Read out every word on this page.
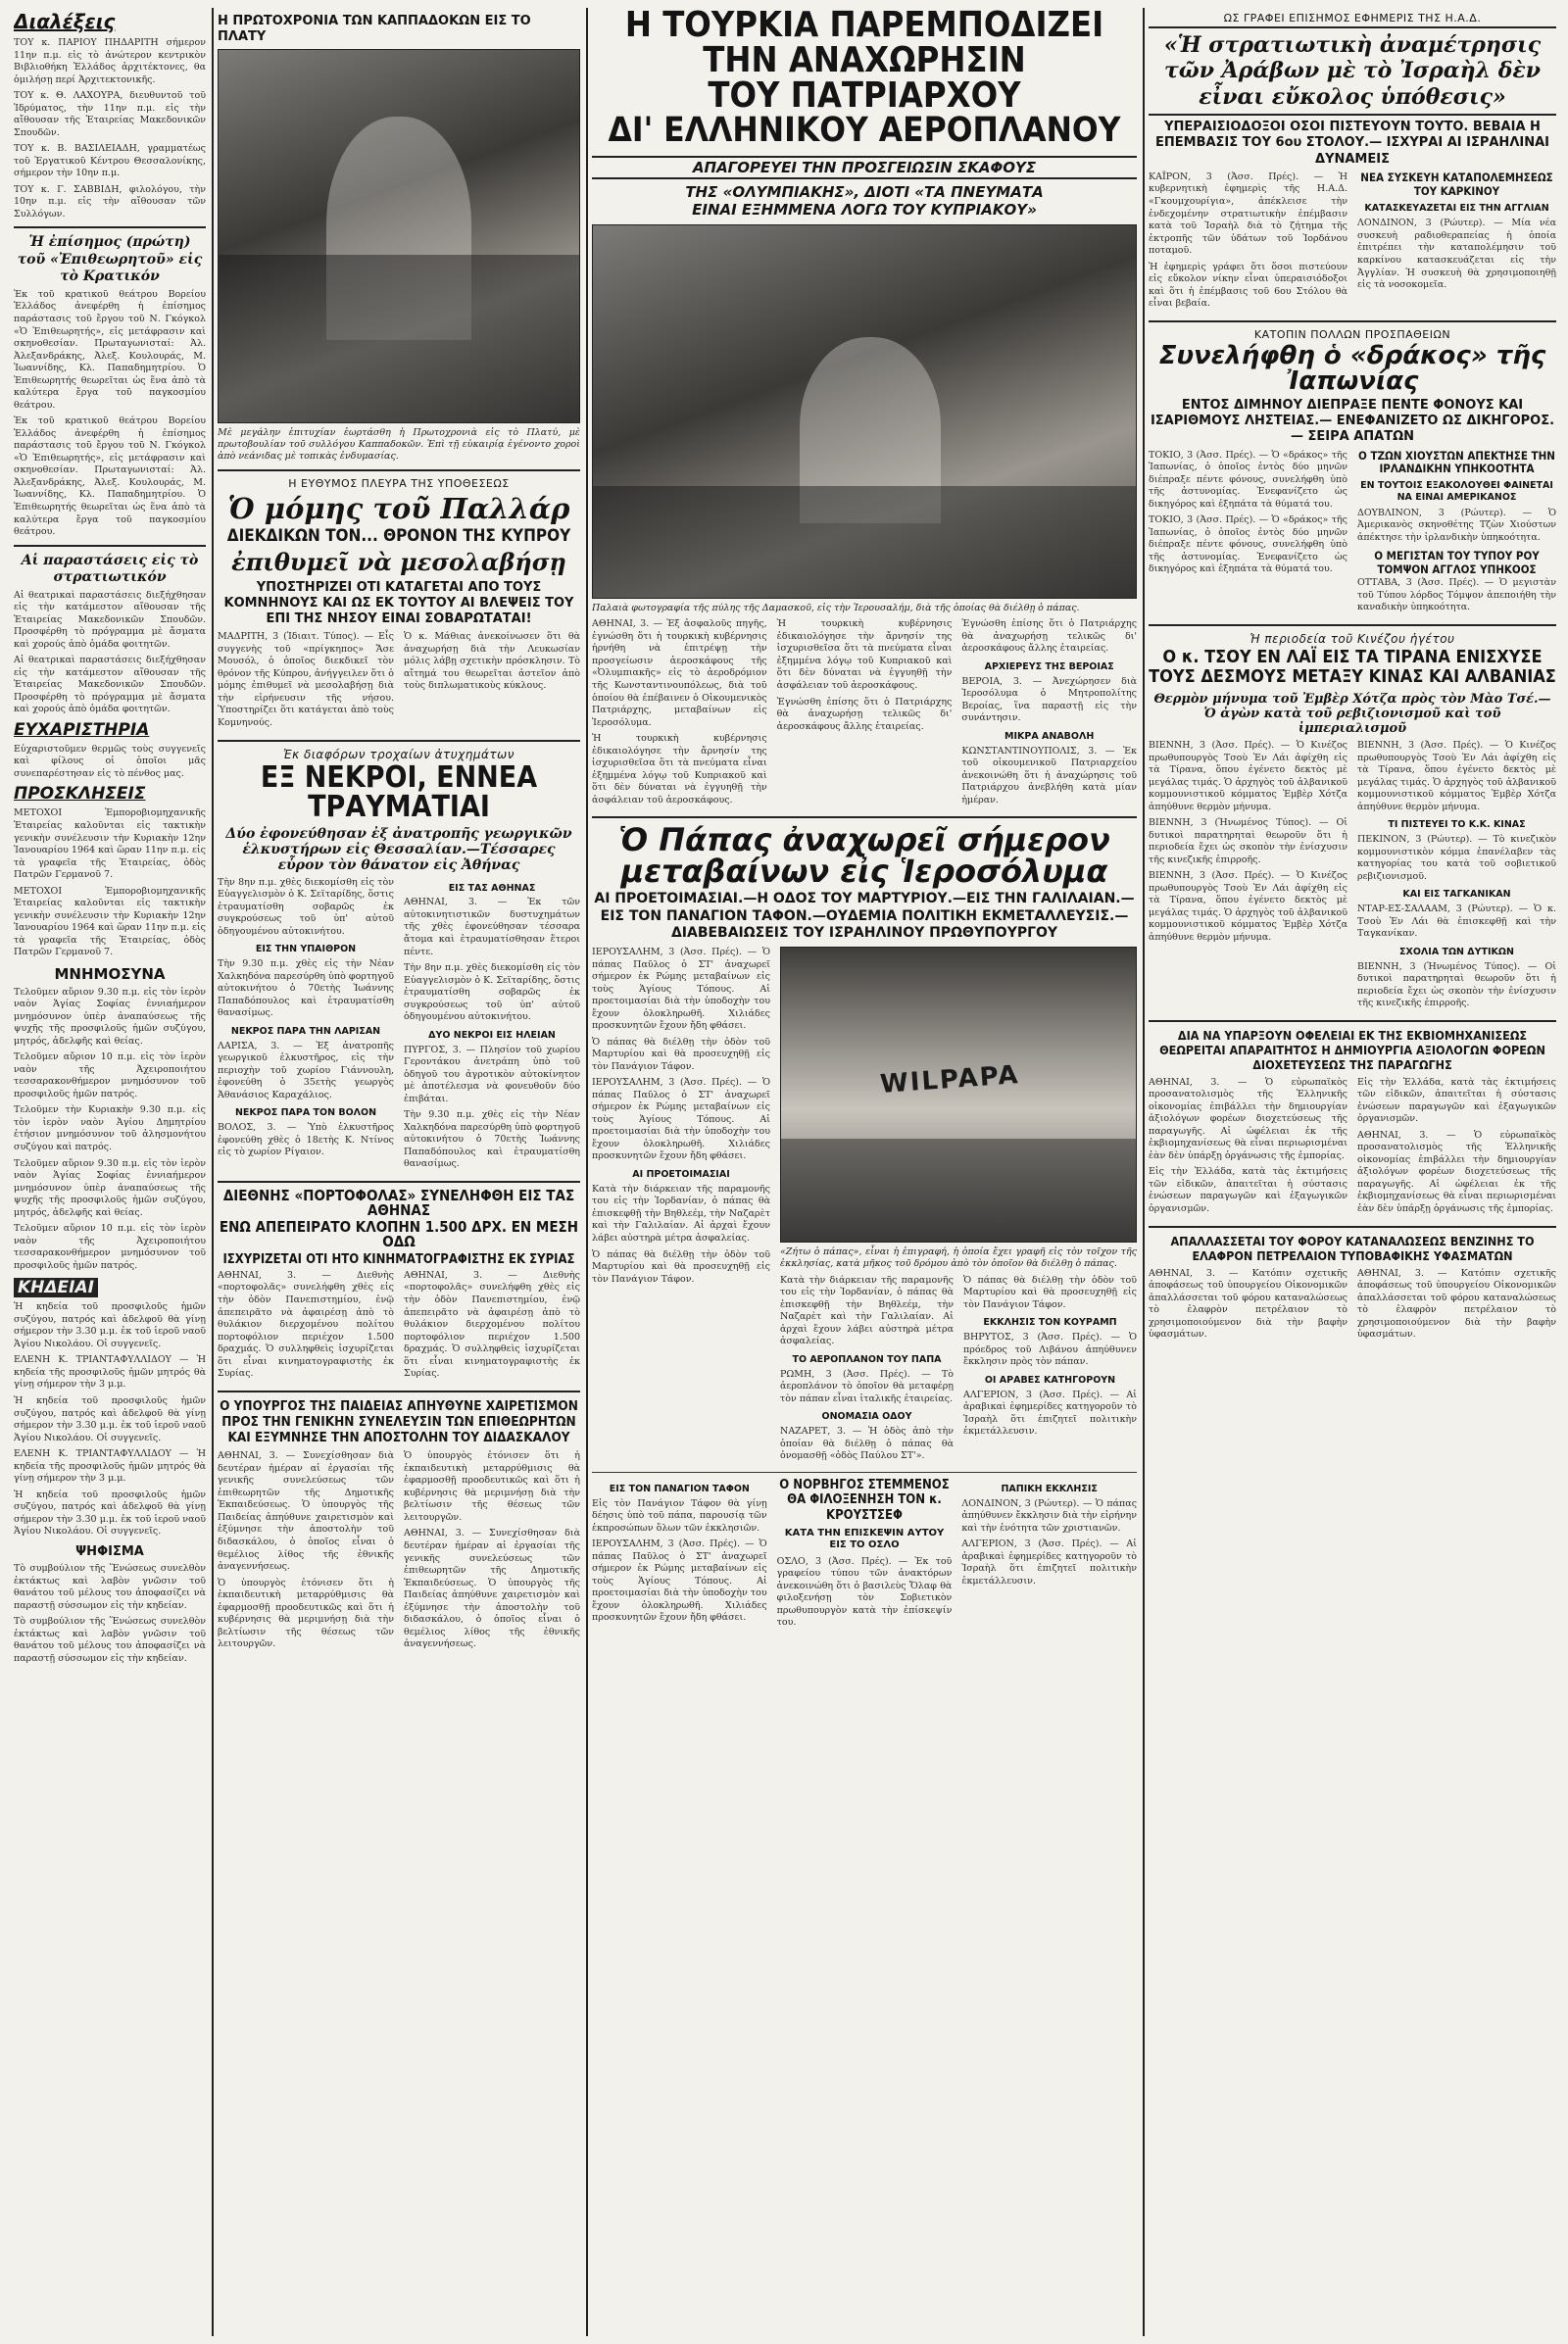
Διαλέξεις

ΤΟΥ κ. ΠΑΡΙΟΥ ΠΗΔΑΡΙΤΗ σήμερον 11ην π.μ. εἰς τὸ ἀνώτερον κεντρικὸν Βιβλιοθήκη Ἑλλάδος ἀρχιτέκτονες, θα ὁμιλήσῃ περί Ἀρχιτεκτονικῆς.

ΤΟΥ κ. Θ. ΛΑΧΟΥΡΑ, διευθυντοῦ τοῦ Ἰδρύματος, τὴν 11ην π.μ. εἰς τὴν αἴθουσαν τῆς Ἑταιρείας Μακεδονικῶν Σπουδῶν.

ΤΟΥ κ. Β. ΒΑΣΙΛΕΙΑΔΗ, γραμματέως τοῦ Ἐργατικοῦ Κέντρου Θεσσαλονίκης, σήμερον τὴν 10ην π.μ.

ΤΟΥ κ. Γ. ΣΑΒΒΙΔΗ, φιλολόγου, τὴν 10ην π.μ. εἰς τὴν αἴθουσαν τῶν Συλλόγων.

Ἡ ἐπίσημος (πρώτη) τοῦ «Ἐπιθεωρητοῦ» εἰς τὸ Κρατικόν

Ἐκ τοῦ κρατικοῦ θεάτρου Βορείου Ἑλλάδος ἀνεφέρθη ἡ ἐπίσημος παράστασις τοῦ ἔργου τοῦ Ν. Γκόγκολ «Ὁ Ἐπιθεωρητής», εἰς μετάφρασιν καὶ σκηνοθεσίαν. Πρωταγωνισταί: Ἀλ. Ἀλεξανδράκης, Ἀλεξ. Κουλουράς, Μ. Ἰωαννίδης, Κλ. Παπαδημητρίου. Ὁ Ἐπιθεωρητής θεωρεῖται ὡς ἕνα ἀπὸ τὰ καλύτερα ἔργα τοῦ παγκοσμίου θεάτρου.

Ἐκ τοῦ κρατικοῦ θεάτρου Βορείου Ἑλλάδος ἀνεφέρθη ἡ ἐπίσημος παράστασις τοῦ ἔργου τοῦ Ν. Γκόγκολ «Ὁ Ἐπιθεωρητής», εἰς μετάφρασιν καὶ σκηνοθεσίαν. Πρωταγωνισταί: Ἀλ. Ἀλεξανδράκης, Ἀλεξ. Κουλουράς, Μ. Ἰωαννίδης, Κλ. Παπαδημητρίου. Ὁ Ἐπιθεωρητής θεωρεῖται ὡς ἕνα ἀπὸ τὰ καλύτερα ἔργα τοῦ παγκοσμίου θεάτρου.

Αἱ παραστάσεις εἰς τὸ στρατιωτικόν

Αἱ θεατρικαὶ παραστάσεις διεξήχθησαν εἰς τὴν κατάμεστον αἴθουσαν τῆς Ἑταιρείας Μακεδονικῶν Σπουδῶν. Προσφέρθη τὸ πρόγραμμα μὲ ἄσματα καὶ χορούς ἀπὸ ὁμάδα φοιτητῶν.

Αἱ θεατρικαὶ παραστάσεις διεξήχθησαν εἰς τὴν κατάμεστον αἴθουσαν τῆς Ἑταιρείας Μακεδονικῶν Σπουδῶν. Προσφέρθη τὸ πρόγραμμα μὲ ἄσματα καὶ χορούς ἀπὸ ὁμάδα φοιτητῶν.

ΕΥΧΑΡΙΣΤΗΡΙΑ

Εὐχαριστοῦμεν θερμῶς τοὺς συγγενεῖς καὶ φίλους οἱ ὁποῖοι μᾶς συνεπαρέστησαν εἰς τὸ πένθος μας.

ΠΡΟΣΚΛΗΣΕΙΣ

ΜΕΤΟΧΟΙ Ἐμποροβιομηχανικῆς Ἑταιρείας καλοῦνται εἰς τακτικὴν γενικὴν συνέλευσιν τὴν Κυριακὴν 12ην Ἰανουαρίου 1964 καὶ ὥραν 11ην π.μ. εἰς τὰ γραφεῖα τῆς Ἑταιρείας, ὁδὸς Πατρῶν Γερμανοῦ 7.

ΜΕΤΟΧΟΙ Ἐμποροβιομηχανικῆς Ἑταιρείας καλοῦνται εἰς τακτικὴν γενικὴν συνέλευσιν τὴν Κυριακὴν 12ην Ἰανουαρίου 1964 καὶ ὥραν 11ην π.μ. εἰς τὰ γραφεῖα τῆς Ἑταιρείας, ὁδὸς Πατρῶν Γερμανοῦ 7.

ΜΝΗΜΟΣΥΝΑ

Τελοῦμεν αὔριον 9.30 π.μ. εἰς τὸν ἱερὸν ναὸν Ἁγίας Σοφίας ἐννιαήμερον μνημόσυνον ὑπὲρ ἀναπαύσεως τῆς ψυχῆς τῆς προσφιλοῦς ἡμῶν συζύγου, μητρός, ἀδελφῆς καὶ θείας.

Τελοῦμεν αὔριον 10 π.μ. εἰς τὸν ἱερὸν ναὸν τῆς Ἀχειροποιήτου τεσσαρακονθήμερον μνημόσυνον τοῦ προσφιλοῦς ἡμῶν πατρός.

Τελοῦμεν τὴν Κυριακὴν 9.30 π.μ. εἰς τὸν ἱερὸν ναὸν Ἁγίου Δημητρίου ἐτήσιον μνημόσυνον τοῦ ἀλησμονήτου συζύγου καὶ πατρός.

Τελοῦμεν αὔριον 9.30 π.μ. εἰς τὸν ἱερὸν ναὸν Ἁγίας Σοφίας ἐννιαήμερον μνημόσυνον ὑπὲρ ἀναπαύσεως τῆς ψυχῆς τῆς προσφιλοῦς ἡμῶν συζύγου, μητρός, ἀδελφῆς καὶ θείας.

Τελοῦμεν αὔριον 10 π.μ. εἰς τὸν ἱερὸν ναὸν τῆς Ἀχειροποιήτου τεσσαρακονθήμερον μνημόσυνον τοῦ προσφιλοῦς ἡμῶν πατρός.

ΚΗΔΕΙΑΙ

Ἡ κηδεία τοῦ προσφιλοῦς ἡμῶν συζύγου, πατρός καὶ ἀδελφοῦ θὰ γίνῃ σήμερον τὴν 3.30 μ.μ. ἐκ τοῦ ἱεροῦ ναοῦ Ἁγίου Νικολάου. Οἱ συγγενεῖς.

ΕΛΕΝΗ Κ. ΤΡΙΑΝΤΑΦΥΛΛΙΔΟΥ — Ἡ κηδεία τῆς προσφιλοῦς ἡμῶν μητρός θὰ γίνῃ σήμερον τὴν 3 μ.μ.

Ἡ κηδεία τοῦ προσφιλοῦς ἡμῶν συζύγου, πατρός καὶ ἀδελφοῦ θὰ γίνῃ σήμερον τὴν 3.30 μ.μ. ἐκ τοῦ ἱεροῦ ναοῦ Ἁγίου Νικολάου. Οἱ συγγενεῖς.

ΕΛΕΝΗ Κ. ΤΡΙΑΝΤΑΦΥΛΛΙΔΟΥ — Ἡ κηδεία τῆς προσφιλοῦς ἡμῶν μητρός θὰ γίνῃ σήμερον τὴν 3 μ.μ.

Ἡ κηδεία τοῦ προσφιλοῦς ἡμῶν συζύγου, πατρός καὶ ἀδελφοῦ θὰ γίνῃ σήμερον τὴν 3.30 μ.μ. ἐκ τοῦ ἱεροῦ ναοῦ Ἁγίου Νικολάου. Οἱ συγγενεῖς.

ΨΗΦΙΣΜΑ

Τὸ συμβούλιον τῆς Ἕνώσεως συνελθὸν ἐκτάκτως καὶ λαβὸν γνῶσιν τοῦ θανάτου τοῦ μέλους του ἀποφασίζει νὰ παραστῇ σύσσωμον εἰς τὴν κηδείαν.

Τὸ συμβούλιον τῆς Ἕνώσεως συνελθὸν ἐκτάκτως καὶ λαβὸν γνῶσιν τοῦ θανάτου τοῦ μέλους του ἀποφασίζει νὰ παραστῇ σύσσωμον εἰς τὴν κηδείαν.

Η ΠΡΩΤΟΧΡΟΝΙΑ ΤΩΝ ΚΑΠΠΑΔΟΚΩΝ ΕΙΣ ΤΟ ΠΛΑΤΥ

Μὲ μεγάλην ἐπιτυχίαν ἑωρτάσθη ἡ Πρωτοχρονιὰ εἰς τὸ Πλατύ, μὲ πρωτοβουλίαν τοῦ συλλόγου Καππαδοκῶν. Ἐπὶ τῇ εὐκαιρίᾳ ἐγένοντο χοροὶ ἀπὸ νεάνιδας μὲ τοπικὰς ἐνδυμασίας.

Η ΕΥΘΥΜΟΣ ΠΛΕΥΡΑ ΤΗΣ ΥΠΟΘΕΣΕΩΣ
Ὁ μόμης τοῦ Παλλάρ
ΔΙΕΚΔΙΚΩΝ ΤΟΝ... ΘΡΟΝΟΝ ΤΗΣ ΚΥΠΡΟΥ
ἐπιθυμεῖ νὰ μεσολαβήσῃ
ΥΠΟΣΤΗΡΙΖΕΙ ΟΤΙ ΚΑΤΑΓΕΤΑΙ ΑΠΟ ΤΟΥΣ ΚΟΜΝΗΝΟΥΣ ΚΑΙ ΩΣ ΕΚ ΤΟΥΤΟΥ ΑΙ ΒΛΕΨΕΙΣ ΤΟΥ ΕΠΙ ΤΗΣ ΝΗΣΟΥ ΕΙΝΑΙ ΣΟΒΑΡΩΤΑΤΑΙ!

ΜΑΔΡΙΤΗ, 3 (Ἰδιαιτ. Τύπος). — Εἷς συγγενὴς τοῦ «πρίγκηπος» Ἄσε Μουσόλ, ὁ ὁποῖος διεκδικεῖ τὸν θρόνον τῆς Κύπρου, ἀνήγγειλεν ὅτι ὁ μόμης ἐπιθυμεῖ νὰ μεσολαβήσῃ διὰ τὴν εἰρήνευσιν τῆς νήσου. Ὑποστηρίζει ὅτι κατάγεται ἀπὸ τοὺς Κομνηνούς.

Ὁ κ. Μάθιας ἀνεκοίνωσεν ὅτι θὰ ἀναχωρήσῃ διὰ τὴν Λευκωσίαν μόλις λάβῃ σχετικὴν πρόσκλησιν. Τὸ αἴτημά του θεωρεῖται ἀστεῖον ἀπὸ τοὺς διπλωματικοὺς κύκλους.

Ἐκ διαφόρων τροχαίων ἀτυχημάτων
ΕΞ ΝΕΚΡΟΙ, ΕΝΝΕΑ ΤΡΑΥΜΑΤΙΑΙ
Δύο ἐφονεύθησαν ἐξ ἀνατροπῆς γεωργικῶν ἑλκυστήρων εἰς Θεσσαλίαν.—Τέσσαρες εὗρον τὸν θάνατον εἰς Ἀθήνας

Τὴν 8ην π.μ. χθὲς διεκομίσθη εἰς τὸν Εὐαγγελισμὸν ὁ Κ. Σεϊταρίδης, ὅστις ἐτραυματίσθη σοβαρῶς ἐκ συγκρούσεως τοῦ ὑπ' αὐτοῦ ὁδηγουμένου αὐτοκινήτου.

ΕΙΣ ΤΗΝ ΥΠΑΙΘΡΟΝ

Τὴν 9.30 π.μ. χθὲς εἰς τὴν Νέαν Χαλκηδόνα παρεσύρθη ὑπὸ φορτηγοῦ αὐτοκινήτου ὁ 70ετὴς Ἰωάννης Παπαδόπουλος καὶ ἐτραυματίσθη θανασίμως.

ΝΕΚΡΟΣ ΠΑΡΑ ΤΗΝ ΛΑΡΙΣΑΝ

ΛΑΡΙΣΑ, 3. — Ἐξ ἀνατροπῆς γεωργικοῦ ἑλκυστῆρος, εἰς τὴν περιοχὴν τοῦ χωρίου Γιάννουλη, ἐφονεύθη ὁ 35ετὴς γεωργὸς Ἀθανάσιος Καραχάλιος.

ΝΕΚΡΟΣ ΠΑΡΑ ΤΟΝ ΒΟΛΟΝ

ΒΟΛΟΣ, 3. — Ὑπὸ ἑλκυστῆρος ἐφονεύθη χθὲς ὁ 18ετὴς Κ. Ντίνος εἰς τὸ χωρίον Ρίγαιον.

ΕΙΣ ΤΑΣ ΑΘΗΝΑΣ

ΑΘΗΝΑΙ, 3. — Ἐκ τῶν αὐτοκινητιστικῶν δυστυχημάτων τῆς χθὲς ἐφονεύθησαν τέσσαρα ἄτομα καὶ ἐτραυματίσθησαν ἕτεροι πέντε.

Τὴν 8ην π.μ. χθὲς διεκομίσθη εἰς τὸν Εὐαγγελισμὸν ὁ Κ. Σεϊταρίδης, ὅστις ἐτραυματίσθη σοβαρῶς ἐκ συγκρούσεως τοῦ ὑπ' αὐτοῦ ὁδηγουμένου αὐτοκινήτου.

ΔΥΟ ΝΕΚΡΟΙ ΕΙΣ ΗΛΕΙΑΝ

ΠΥΡΓΟΣ, 3. — Πλησίον τοῦ χωρίου Γεροντάκου ἀνετράπη ὑπὸ τοῦ ὁδηγοῦ του ἀγροτικὸν αὐτοκίνητον μὲ ἀποτέλεσμα νὰ φονευθοῦν δύο ἐπιβάται.

Τὴν 9.30 π.μ. χθὲς εἰς τὴν Νέαν Χαλκηδόνα παρεσύρθη ὑπὸ φορτηγοῦ αὐτοκινήτου ὁ 70ετὴς Ἰωάννης Παπαδόπουλος καὶ ἐτραυματίσθη θανασίμως.

ΔΙΕΘΝΗΣ «ΠΟΡΤΟΦΟΛΑΣ» ΣΥΝΕΛΗΦΘΗ ΕΙΣ ΤΑΣ ΑΘΗΝΑΣ
ΕΝΩ ΑΠΕΠΕΙΡΑΤΟ ΚΛΟΠΗΝ 1.500 ΔΡΧ. ΕΝ ΜΕΣΗ ΟΔΩ
ΙΣΧΥΡΙΖΕΤΑΙ ΟΤΙ ΗΤΟ ΚΙΝΗΜΑΤΟΓΡΑΦΙΣΤΗΣ ΕΚ ΣΥΡΙΑΣ

ΑΘΗΝΑΙ, 3. — Διεθνὴς «πορτοφολᾶς» συνελήφθη χθὲς εἰς τὴν ὁδὸν Πανεπιστημίου, ἐνῷ ἀπεπειρᾶτο νὰ ἀφαιρέσῃ ἀπὸ τὸ θυλάκιον διερχομένου πολίτου πορτοφόλιον περιέχον 1.500 δραχμάς. Ὁ συλληφθεὶς ἰσχυρίζεται ὅτι εἶναι κινηματογραφιστὴς ἐκ Συρίας.

ΑΘΗΝΑΙ, 3. — Διεθνὴς «πορτοφολᾶς» συνελήφθη χθὲς εἰς τὴν ὁδὸν Πανεπιστημίου, ἐνῷ ἀπεπειρᾶτο νὰ ἀφαιρέσῃ ἀπὸ τὸ θυλάκιον διερχομένου πολίτου πορτοφόλιον περιέχον 1.500 δραχμάς. Ὁ συλληφθεὶς ἰσχυρίζεται ὅτι εἶναι κινηματογραφιστὴς ἐκ Συρίας.

Ο ΥΠΟΥΡΓΟΣ ΤΗΣ ΠΑΙΔΕΙΑΣ ΑΠΗΥΘΥΝΕ ΧΑΙΡΕΤΙΣΜΟΝ ΠΡΟΣ ΤΗΝ ΓΕΝΙΚΗΝ ΣΥΝΕΛΕΥΣΙΝ ΤΩΝ ΕΠΙΘΕΩΡΗΤΩΝ ΚΑΙ ΕΞΥΜΝΗΣΕ ΤΗΝ ΑΠΟΣΤΟΛΗΝ ΤΟΥ ΔΙΔΑΣΚΑΛΟΥ

ΑΘΗΝΑΙ, 3. — Συνεχίσθησαν διὰ δευτέραν ἡμέραν αἱ ἐργασίαι τῆς γενικῆς συνελεύσεως τῶν ἐπιθεωρητῶν τῆς Δημοτικῆς Ἐκπαιδεύσεως. Ὁ ὑπουργὸς τῆς Παιδείας ἀπηύθυνε χαιρετισμὸν καὶ ἐξύμνησε τὴν ἀποστολὴν τοῦ διδασκάλου, ὁ ὁποῖος εἶναι ὁ θεμέλιος λίθος τῆς ἐθνικῆς ἀναγεννήσεως.

Ὁ ὑπουργὸς ἐτόνισεν ὅτι ἡ ἐκπαιδευτικὴ μεταρρύθμισις θὰ ἐφαρμοσθῇ προοδευτικῶς καὶ ὅτι ἡ κυβέρνησις θὰ μεριμνήσῃ διὰ τὴν βελτίωσιν τῆς θέσεως τῶν λειτουργῶν.

Ὁ ὑπουργὸς ἐτόνισεν ὅτι ἡ ἐκπαιδευτικὴ μεταρρύθμισις θὰ ἐφαρμοσθῇ προοδευτικῶς καὶ ὅτι ἡ κυβέρνησις θὰ μεριμνήσῃ διὰ τὴν βελτίωσιν τῆς θέσεως τῶν λειτουργῶν.

ΑΘΗΝΑΙ, 3. — Συνεχίσθησαν διὰ δευτέραν ἡμέραν αἱ ἐργασίαι τῆς γενικῆς συνελεύσεως τῶν ἐπιθεωρητῶν τῆς Δημοτικῆς Ἐκπαιδεύσεως. Ὁ ὑπουργὸς τῆς Παιδείας ἀπηύθυνε χαιρετισμὸν καὶ ἐξύμνησε τὴν ἀποστολὴν τοῦ διδασκάλου, ὁ ὁποῖος εἶναι ὁ θεμέλιος λίθος τῆς ἐθνικῆς ἀναγεννήσεως.

Η ΤΟΥΡΚΙΑ ΠΑΡΕΜΠΟΔΙΖΕΙ
ΤΗΝ ΑΝΑΧΩΡΗΣΙΝ
ΤΟΥ ΠΑΤΡΙΑΡΧΟΥ
ΔΙ' ΕΛΛΗΝΙΚΟΥ ΑΕΡΟΠΛΑΝΟΥ
ΑΠΑΓΟΡΕΥΕΙ ΤΗΝ ΠΡΟΣΓΕΙΩΣΙΝ ΣΚΑΦΟΥΣ
ΤΗΣ «ΟΛΥΜΠΙΑΚΗΣ», ΔΙΟΤΙ «ΤΑ ΠΝΕΥΜΑΤΑ
ΕΙΝΑΙ ΕΞΗΜΜΕΝΑ ΛΟΓΩ ΤΟΥ ΚΥΠΡΙΑΚΟΥ»

Παλαιὰ φωτογραφία τῆς πύλης τῆς Δαμασκοῦ, εἰς τὴν Ἱερουσαλήμ, διὰ τῆς ὁποίας θὰ διέλθῃ ὁ πάπας.

ΑΘΗΝΑΙ, 3. — Ἐξ ἀσφαλοῦς πηγῆς, ἐγνώσθη ὅτι ἡ τουρκικὴ κυβέρνησις ἠρνήθη νὰ ἐπιτρέψῃ τὴν προσγείωσιν ἀεροσκάφους τῆς «Ὀλυμπιακῆς» εἰς τὸ ἀεροδρόμιον τῆς Κωνσταντινουπόλεως, διὰ τοῦ ὁποίου θὰ ἐπέβαινεν ὁ Οἰκουμενικὸς Πατριάρχης, μεταβαίνων εἰς Ἱεροσόλυμα.

Ἡ τουρκικὴ κυβέρνησις ἐδικαιολόγησε τὴν ἄρνησίν της ἰσχυρισθεῖσα ὅτι τὰ πνεύματα εἶναι ἐξημμένα λόγῳ τοῦ Κυπριακοῦ καὶ ὅτι δὲν δύναται νὰ ἐγγυηθῇ τὴν ἀσφάλειαν τοῦ ἀεροσκάφους.

Ἡ τουρκικὴ κυβέρνησις ἐδικαιολόγησε τὴν ἄρνησίν της ἰσχυρισθεῖσα ὅτι τὰ πνεύματα εἶναι ἐξημμένα λόγῳ τοῦ Κυπριακοῦ καὶ ὅτι δὲν δύναται νὰ ἐγγυηθῇ τὴν ἀσφάλειαν τοῦ ἀεροσκάφους.

Ἐγνώσθη ἐπίσης ὅτι ὁ Πατριάρχης θὰ ἀναχωρήσῃ τελικῶς δι' ἀεροσκάφους ἄλλης ἑταιρείας.

Ἐγνώσθη ἐπίσης ὅτι ὁ Πατριάρχης θὰ ἀναχωρήσῃ τελικῶς δι' ἀεροσκάφους ἄλλης ἑταιρείας.

ΑΡΧΙΕΡΕΥΣ ΤΗΣ ΒΕΡΟΙΑΣ

ΒΕΡΟΙΑ, 3. — Ἀνεχώρησεν διὰ Ἱεροσόλυμα ὁ Μητροπολίτης Βεροίας, ἵνα παραστῇ εἰς τὴν συνάντησιν.

ΜΙΚΡΑ ΑΝΑΒΟΛΗ

ΚΩΝΣΤΑΝΤΙΝΟΥΠΟΛΙΣ, 3. — Ἐκ τοῦ οἰκουμενικοῦ Πατριαρχείου ἀνεκοινώθη ὅτι ἡ ἀναχώρησις τοῦ Πατριάρχου ἀνεβλήθη κατὰ μίαν ἡμέραν.

Ὁ Πάπας ἀναχωρεῖ σήμερον
μεταβαίνων εἰς Ἱεροσόλυμα
ΑΙ ΠΡΟΕΤΟΙΜΑΣΙΑΙ.—Η ΟΔΟΣ ΤΟΥ ΜΑΡΤΥΡΙΟΥ.—ΕΙΣ ΤΗΝ ΓΑΛΙΛΑΙΑΝ.—ΕΙΣ ΤΟΝ ΠΑΝΑΓΙΟΝ ΤΑΦΟΝ.—ΟΥΔΕΜΙΑ ΠΟΛΙΤΙΚΗ ΕΚΜΕΤΑΛΛΕΥΣΙΣ.—ΔΙΑΒΕΒΑΙΩΣΕΙΣ ΤΟΥ ΙΣΡΑΗΛΙΝΟΥ ΠΡΩΘΥΠΟΥΡΓΟΥ

ΙΕΡΟΥΣΑΛΗΜ, 3 (Ἀσσ. Πρές). — Ὁ πάπας Παῦλος ὁ ΣΤ' ἀναχωρεῖ σήμερον ἐκ Ρώμης μεταβαίνων εἰς τοὺς Ἁγίους Τόπους. Αἱ προετοιμασίαι διὰ τὴν ὑποδοχὴν του ἔχουν ὁλοκληρωθῆ. Χιλιάδες προσκυνητῶν ἔχουν ἤδη φθάσει.

Ὁ πάπας θὰ διέλθῃ τὴν ὁδὸν τοῦ Μαρτυρίου καὶ θὰ προσευχηθῇ εἰς τὸν Πανάγιον Τάφον.

ΙΕΡΟΥΣΑΛΗΜ, 3 (Ἀσσ. Πρές). — Ὁ πάπας Παῦλος ὁ ΣΤ' ἀναχωρεῖ σήμερον ἐκ Ρώμης μεταβαίνων εἰς τοὺς Ἁγίους Τόπους. Αἱ προετοιμασίαι διὰ τὴν ὑποδοχὴν του ἔχουν ὁλοκληρωθῆ. Χιλιάδες προσκυνητῶν ἔχουν ἤδη φθάσει.

ΑΙ ΠΡΟΕΤΟΙΜΑΣΙΑΙ

Κατὰ τὴν διάρκειαν τῆς παραμονῆς του εἰς τὴν Ἰορδανίαν, ὁ πάπας θὰ ἐπισκεφθῇ τὴν Βηθλεέμ, τὴν Ναζαρὲτ καὶ τὴν Γαλιλαίαν. Αἱ ἀρχαὶ ἔχουν λάβει αὐστηρὰ μέτρα ἀσφαλείας.

Ὁ πάπας θὰ διέλθῃ τὴν ὁδὸν τοῦ Μαρτυρίου καὶ θὰ προσευχηθῇ εἰς τὸν Πανάγιον Τάφον.

WILPAPA

«Ζήτω ὁ πάπας», εἶναι ἡ ἐπιγραφή, ἡ ὁποία ἔχει γραφῆ εἰς τὸν τοῖχον τῆς ἐκκλησίας, κατὰ μῆκος τοῦ δρόμου ἀπὸ τὸν ὁποῖον θὰ διέλθῃ ὁ πάπας.

Κατὰ τὴν διάρκειαν τῆς παραμονῆς του εἰς τὴν Ἰορδανίαν, ὁ πάπας θὰ ἐπισκεφθῇ τὴν Βηθλεέμ, τὴν Ναζαρὲτ καὶ τὴν Γαλιλαίαν. Αἱ ἀρχαὶ ἔχουν λάβει αὐστηρὰ μέτρα ἀσφαλείας.

ΤΟ ΑΕΡΟΠΛΑΝΟΝ ΤΟΥ ΠΑΠΑ

ΡΩΜΗ, 3 (Ἀσσ. Πρές). — Τὸ ἀεροπλάνον τὸ ὁποῖον θὰ μεταφέρῃ τὸν πάπαν εἶναι ἰταλικῆς ἑταιρείας.

ΟΝΟΜΑΣΙΑ ΟΔΟΥ

ΝΑΖΑΡΕΤ, 3. — Ἡ ὁδὸς ἀπὸ τὴν ὁποίαν θὰ διέλθῃ ὁ πάπας θὰ ὀνομασθῇ «ὁδὸς Παύλου ΣΤ'».

Ὁ πάπας θὰ διέλθῃ τὴν ὁδὸν τοῦ Μαρτυρίου καὶ θὰ προσευχηθῇ εἰς τὸν Πανάγιον Τάφον.

ΕΚΚΛΗΣΙΣ ΤΟΝ ΚΟΥΡΑΜΠ

ΒΗΡΥΤΟΣ, 3 (Ἀσσ. Πρές). — Ὁ πρόεδρος τοῦ Λιβάνου ἀπηύθυνεν ἔκκλησιν πρὸς τὸν πάπαν.

ΟΙ ΑΡΑΒΕΣ ΚΑΤΗΓΟΡΟΥΝ

ΑΛΓΕΡΙΟΝ, 3 (Ἀσσ. Πρές). — Αἱ ἀραβικαὶ ἐφημερίδες κατηγοροῦν τὸ Ἰσραὴλ ὅτι ἐπιζητεῖ πολιτικὴν ἐκμετάλλευσιν.

ΕΙΣ ΤΟΝ ΠΑΝΑΓΙΟΝ ΤΑΦΟΝ

Εἰς τὸν Πανάγιον Τάφον θὰ γίνῃ δέησις ὑπὸ τοῦ πάπα, παρουσίᾳ τῶν ἐκπροσώπων ὅλων τῶν ἐκκλησιῶν.

ΙΕΡΟΥΣΑΛΗΜ, 3 (Ἀσσ. Πρές). — Ὁ πάπας Παῦλος ὁ ΣΤ' ἀναχωρεῖ σήμερον ἐκ Ρώμης μεταβαίνων εἰς τοὺς Ἁγίους Τόπους. Αἱ προετοιμασίαι διὰ τὴν ὑποδοχὴν του ἔχουν ὁλοκληρωθῆ. Χιλιάδες προσκυνητῶν ἔχουν ἤδη φθάσει.

Ο ΝΟΡΒΗΓΟΣ ΣΤΕΜΜΕΝΟΣ ΘΑ ΦΙΛΟΞΕΝΗΣΗ ΤΟΝ κ. ΚΡΟΥΣΤΣΕΦ
ΚΑΤΑ ΤΗΝ ΕΠΙΣΚΕΨΙΝ ΑΥΤΟΥ ΕΙΣ ΤΟ ΟΣΛΟ

ΟΣΛΟ, 3 (Ἀσσ. Πρές). — Ἐκ τοῦ γραφείου τύπου τῶν ἀνακτόρων ἀνεκοινώθη ὅτι ὁ βασιλεὺς Ὄλαφ θὰ φιλοξενήσῃ τὸν Σοβιετικὸν πρωθυπουργὸν κατὰ τὴν ἐπίσκεψίν του.

ΠΑΠΙΚΗ ΕΚΚΛΗΣΙΣ

ΛΟΝΔΙΝΟΝ, 3 (Ρώυτερ). — Ὁ πάπας ἀπηύθυνεν ἔκκλησιν διὰ τὴν εἰρήνην καὶ τὴν ἑνότητα τῶν χριστιανῶν.

ΑΛΓΕΡΙΟΝ, 3 (Ἀσσ. Πρές). — Αἱ ἀραβικαὶ ἐφημερίδες κατηγοροῦν τὸ Ἰσραὴλ ὅτι ἐπιζητεῖ πολιτικὴν ἐκμετάλλευσιν.

ΩΣ ΓΡΑΦΕΙ ΕΠΙΣΗΜΟΣ ΕΦΗΜΕΡΙΣ ΤΗΣ Η.Α.Δ.
«Ἡ στρατιωτικὴ ἀναμέτρησις τῶν Ἀράβων μὲ τὸ Ἰσραὴλ δὲν εἶναι εὔκολος ὑπόθεσις»
ΥΠΕΡΑΙΣΙΟΔΟΞΟΙ ΟΣΟΙ ΠΙΣΤΕΥΟΥΝ ΤΟΥΤΟ. ΒΕΒΑΙΑ Η ΕΠΕΜΒΑΣΙΣ ΤΟΥ 6ου ΣΤΟΛΟΥ.— ΙΣΧΥΡΑΙ ΑΙ ΙΣΡΑΗΛΙΝΑΙ ΔΥΝΑΜΕΙΣ

ΚΑΪΡΟΝ, 3 (Ἀσσ. Πρές). — Ἡ κυβερνητικὴ ἐφημερὶς τῆς Η.Α.Δ. «Γκουμχουρίγια», ἀπέκλεισε τὴν ἐνδεχομένην στρατιωτικὴν ἐπέμβασιν κατὰ τοῦ Ἰσραὴλ διὰ τὸ ζήτημα τῆς ἐκτροπῆς τῶν ὑδάτων τοῦ Ἰορδάνου ποταμοῦ.

Ἡ ἐφημερὶς γράφει ὅτι ὅσοι πιστεύουν εἰς εὔκολον νίκην εἶναι ὑπεραισιόδοξοι καὶ ὅτι ἡ ἐπέμβασις τοῦ 6ου Στόλου θὰ εἶναι βεβαία.

ΝΕΑ ΣΥΣΚΕΥΗ ΚΑΤΑΠΟΛΕΜΗΣΕΩΣ ΤΟΥ ΚΑΡΚΙΝΟΥ
ΚΑΤΑΣΚΕΥΑΖΕΤΑΙ ΕΙΣ ΤΗΝ ΑΓΓΛΙΑΝ

ΛΟΝΔΙΝΟΝ, 3 (Ρώυτερ). — Μία νέα συσκευὴ ραδιοθεραπείας ἡ ὁποία ἐπιτρέπει τὴν καταπολέμησιν τοῦ καρκίνου κατασκευάζεται εἰς τὴν Ἀγγλίαν. Ἡ συσκευὴ θὰ χρησιμοποιηθῇ εἰς τὰ νοσοκομεῖα.

ΚΑΤΟΠΙΝ ΠΟΛΛΩΝ ΠΡΟΣΠΑΘΕΙΩΝ
Συνελήφθη ὁ «δράκος» τῆς Ἰαπωνίας
ΕΝΤΟΣ ΔΙΜΗΝΟΥ ΔΙΕΠΡΑΞΕ ΠΕΝΤΕ ΦΟΝΟΥΣ ΚΑΙ ΙΣΑΡΙΘΜΟΥΣ ΛΗΣΤΕΙΑΣ.— ΕΝΕΦΑΝΙΖΕΤΟ ΩΣ ΔΙΚΗΓΟΡΟΣ.— ΣΕΙΡΑ ΑΠΑΤΩΝ

ΤΟΚΙΟ, 3 (Ἀσσ. Πρές). — Ὁ «δράκος» τῆς Ἰαπωνίας, ὁ ὁποῖος ἐντὸς δύο μηνῶν διέπραξε πέντε φόνους, συνελήφθη ὑπὸ τῆς ἀστυνομίας. Ἐνεφανίζετο ὡς δικηγόρος καὶ ἐξηπάτα τὰ θύματά του.

ΤΟΚΙΟ, 3 (Ἀσσ. Πρές). — Ὁ «δράκος» τῆς Ἰαπωνίας, ὁ ὁποῖος ἐντὸς δύο μηνῶν διέπραξε πέντε φόνους, συνελήφθη ὑπὸ τῆς ἀστυνομίας. Ἐνεφανίζετο ὡς δικηγόρος καὶ ἐξηπάτα τὰ θύματά του.

Ο ΤΖΩΝ ΧΙΟΥΣΤΩΝ ΑΠΕΚΤΗΣΕ ΤΗΝ ΙΡΛΑΝΔΙΚΗΝ ΥΠΗΚΟΟΤΗΤΑ
ΕΝ ΤΟΥΤΟΙΣ ΕΞΑΚΟΛΟΥΘΕΙ ΦΑΙΝΕΤΑΙ ΝΑ ΕΙΝΑΙ ΑΜΕΡΙΚΑΝΟΣ

ΔΟΥΒΛΙΝΟΝ, 3 (Ρώυτερ). — Ὁ Ἀμερικανὸς σκηνοθέτης Τζὼν Χιούστων ἀπέκτησε τὴν ἰρλανδικὴν ὑπηκοότητα.

Ο ΜΕΓΙΣΤΑΝ ΤΟΥ ΤΥΠΟΥ ΡΟΥ ΤΟΜΨΟΝ ΑΓΓΛΟΣ ΥΠΗΚΟΟΣ

ΟΤΤΑΒΑ, 3 (Ἀσσ. Πρές). — Ὁ μεγιστὰν τοῦ Τύπου λόρδος Τόμψον ἀπεποιήθη τὴν καναδικὴν ὑπηκοότητα.

Ἡ περιοδεία τοῦ Κινέζου ἡγέτου
Ο κ. ΤΣΟΥ ΕΝ ΛΑΪ ΕΙΣ ΤΑ ΤΙΡΑΝΑ ΕΝΙΣΧΥΣΕ ΤΟΥΣ ΔΕΣΜΟΥΣ ΜΕΤΑΞΥ ΚΙΝΑΣ ΚΑΙ ΑΛΒΑΝΙΑΣ
Θερμὸν μήνυμα τοῦ Ἐμβὲρ Χότζα πρὸς τὸν Μὰο Τσέ.— Ὁ ἀγὼν κατὰ τοῦ ρεβιζιονισμοῦ καὶ τοῦ ἰμπεριαλισμοῦ

ΒΙΕΝΝΗ, 3 (Ἀσσ. Πρές). — Ὁ Κινέζος πρωθυπουργὸς Τσοὺ Ἐν Λάι ἀφίχθη εἰς τὰ Τίρανα, ὅπου ἐγένετο δεκτὸς μὲ μεγάλας τιμάς. Ὁ ἀρχηγὸς τοῦ ἀλβανικοῦ κομμουνιστικοῦ κόμματος Ἐμβὲρ Χότζα ἀπηύθυνε θερμὸν μήνυμα.

ΒΙΕΝΝΗ, 3 (Ἡνωμένος Τύπος). — Οἱ δυτικοὶ παρατηρηταὶ θεωροῦν ὅτι ἡ περιοδεία ἔχει ὡς σκοπὸν τὴν ἐνίσχυσιν τῆς κινεζικῆς ἐπιρροῆς.

ΒΙΕΝΝΗ, 3 (Ἀσσ. Πρές). — Ὁ Κινέζος πρωθυπουργὸς Τσοὺ Ἐν Λάι ἀφίχθη εἰς τὰ Τίρανα, ὅπου ἐγένετο δεκτὸς μὲ μεγάλας τιμάς. Ὁ ἀρχηγὸς τοῦ ἀλβανικοῦ κομμουνιστικοῦ κόμματος Ἐμβὲρ Χότζα ἀπηύθυνε θερμὸν μήνυμα.

ΒΙΕΝΝΗ, 3 (Ἀσσ. Πρές). — Ὁ Κινέζος πρωθυπουργὸς Τσοὺ Ἐν Λάι ἀφίχθη εἰς τὰ Τίρανα, ὅπου ἐγένετο δεκτὸς μὲ μεγάλας τιμάς. Ὁ ἀρχηγὸς τοῦ ἀλβανικοῦ κομμουνιστικοῦ κόμματος Ἐμβὲρ Χότζα ἀπηύθυνε θερμὸν μήνυμα.

ΤΙ ΠΙΣΤΕΥΕΙ ΤΟ Κ.Κ. ΚΙΝΑΣ

ΠΕΚΙΝΟΝ, 3 (Ρώυτερ). — Τὸ κινεζικὸν κομμουνιστικὸν κόμμα ἐπανέλαβεν τὰς κατηγορίας του κατὰ τοῦ σοβιετικοῦ ρεβιζιονισμοῦ.

ΚΑΙ ΕΙΣ ΤΑΓΚΑΝΙΚΑΝ

ΝΤΑΡ-ΕΣ-ΣΑΛΑΑΜ, 3 (Ρώυτερ). — Ὁ κ. Τσοὺ Ἐν Λάι θὰ ἐπισκεφθῇ καὶ τὴν Ταγκανίκαν.

ΣΧΟΛΙΑ ΤΩΝ ΔΥΤΙΚΩΝ

ΒΙΕΝΝΗ, 3 (Ἡνωμένος Τύπος). — Οἱ δυτικοὶ παρατηρηταὶ θεωροῦν ὅτι ἡ περιοδεία ἔχει ὡς σκοπὸν τὴν ἐνίσχυσιν τῆς κινεζικῆς ἐπιρροῆς.

ΔΙΑ ΝΑ ΥΠΑΡΞΟΥΝ ΟΦΕΛΕΙΑΙ ΕΚ ΤΗΣ ΕΚΒΙΟΜΗΧΑΝΙΣΕΩΣ ΘΕΩΡΕΙΤΑΙ ΑΠΑΡΑΙΤΗΤΟΣ Η ΔΗΜΙΟΥΡΓΙΑ ΑΞΙΟΛΟΓΩΝ ΦΟΡΕΩΝ ΔΙΟΧΕΤΕΥΣΕΩΣ ΤΗΣ ΠΑΡΑΓΩΓΗΣ

ΑΘΗΝΑΙ, 3. — Ὁ εὐρωπαϊκὸς προσανατολισμὸς τῆς Ἑλληνικῆς οἰκονομίας ἐπιβάλλει τὴν δημιουργίαν ἀξιολόγων φορέων διοχετεύσεως τῆς παραγωγῆς. Αἱ ὠφέλειαι ἐκ τῆς ἐκβιομηχανίσεως θὰ εἶναι περιωρισμέναι ἐὰν δὲν ὑπάρξῃ ὀργάνωσις τῆς ἐμπορίας.

Εἰς τὴν Ἑλλάδα, κατὰ τὰς ἐκτιμήσεις τῶν εἰδικῶν, ἀπαιτεῖται ἡ σύστασις ἑνώσεων παραγωγῶν καὶ ἐξαγωγικῶν ὀργανισμῶν.

Εἰς τὴν Ἑλλάδα, κατὰ τὰς ἐκτιμήσεις τῶν εἰδικῶν, ἀπαιτεῖται ἡ σύστασις ἑνώσεων παραγωγῶν καὶ ἐξαγωγικῶν ὀργανισμῶν.

ΑΘΗΝΑΙ, 3. — Ὁ εὐρωπαϊκὸς προσανατολισμὸς τῆς Ἑλληνικῆς οἰκονομίας ἐπιβάλλει τὴν δημιουργίαν ἀξιολόγων φορέων διοχετεύσεως τῆς παραγωγῆς. Αἱ ὠφέλειαι ἐκ τῆς ἐκβιομηχανίσεως θὰ εἶναι περιωρισμέναι ἐὰν δὲν ὑπάρξῃ ὀργάνωσις τῆς ἐμπορίας.

ΑΠΑΛΛΑΣΣΕΤΑΙ ΤΟΥ ΦΟΡΟΥ ΚΑΤΑΝΑΛΩΣΕΩΣ ΒΕΝΖΙΝΗΣ ΤΟ ΕΛΑΦΡΟΝ ΠΕΤΡΕΛΑΙΟΝ ΤΥΠΟΒΑΦΙΚΗΣ ΥΦΑΣΜΑΤΩΝ

ΑΘΗΝΑΙ, 3. — Κατόπιν σχετικῆς ἀποφάσεως τοῦ ὑπουργείου Οἰκονομικῶν ἀπαλλάσσεται τοῦ φόρου καταναλώσεως τὸ ἐλαφρὸν πετρέλαιον τὸ χρησιμοποιούμενον διὰ τὴν βαφὴν ὑφασμάτων.

ΑΘΗΝΑΙ, 3. — Κατόπιν σχετικῆς ἀποφάσεως τοῦ ὑπουργείου Οἰκονομικῶν ἀπαλλάσσεται τοῦ φόρου καταναλώσεως τὸ ἐλαφρὸν πετρέλαιον τὸ χρησιμοποιούμενον διὰ τὴν βαφὴν ὑφασμάτων.
